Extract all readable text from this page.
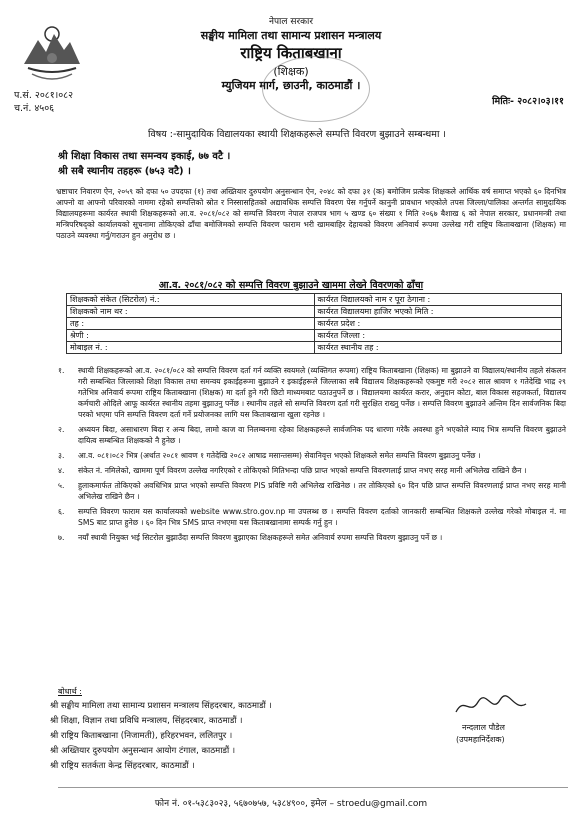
नेपाल सरकार
सङ्घीय मामिला तथा सामान्य प्रशासन मन्त्रालय
राष्ट्रिय किताबखाना
(शिक्षक)
म्युजियम मार्ग, छाउनी, काठमाडौं ।
प.सं. २०८१।०८२
च.नं. ४५०६
मितिः- २०८२।०३।११
विषय :-सामुदायिक विद्यालयका स्थायी शिक्षकहरूले सम्पत्ति विवरण बुझाउने सम्बन्धमा ।
श्री शिक्षा विकास तथा समन्वय इकाई, ७७ वटै ।
श्री सबै स्थानीय तहहरू (७५३ वटै) ।
भ्रष्टाचार निवारण ऐन, २०५९ को दफा ५० उपदफा (१) तथा अख्तियार दुरुपयोग अनुसन्धान ऐन, २०४८ को दफा ३१ (क) बमोजिम प्रत्येक शिक्षकले आर्थिक वर्ष समाप्त भएको ६० दिनभित्र आफ्नो वा आफ्नो परिवारको नाममा रहेको सम्पत्तिको स्रोत र निस्सासहितको अद्यावधिक सम्पत्ति विवरण पेस गर्नुपर्ने कानुनी प्रावधान भएकोले तपस जिल्ला/पालिका अन्तर्गत सामुदायिक विद्यालयहरूमा कार्यरत स्थायी शिक्षकहरूको आ.व. २०८१/०८२ को सम्पत्ति विवरण नेपाल राजपत्र भाग ५ खण्ड ६० संख्या १ मिति २०६७ बैशाख ६ को नेपाल सरकार, प्रधानमन्त्री तथा मन्त्रिपरिषद्को कार्यालयको सूचनामा तोकिएको ढाँचा बमोजिमको सम्पत्ति विवरण फाराम भरी खामबाहिर देहायको विवरण अनिवार्य रूपमा उल्लेख गरी राष्ट्रिय किताबखाना (शिक्षक) मा पठाउने व्यवस्था गर्नु/गराउन हुन अनुरोध छ ।
आ.व. २०८१/०८२ को सम्पत्ति विवरण बुझाउने खाममा लेख्ने विवरणको ढाँचा
शिक्षकको संकेत (सिटरोल) नं.:	कार्यरत विद्यालयको नाम र पूरा ठेगाना :
शिक्षकको नाम थर :	कार्यरत विद्यालयमा हाजिर भएको मिति :
तह :	कार्यरत प्रदेश :
श्रेणी :	कार्यरत जिल्ला :
मोबाइल नं. :	कार्यरत स्थानीय तह :
१. स्थायी शिक्षकहरूको आ.व. २०८१/०८२ को सम्पत्ति विवरण दर्ता गर्न व्यक्ति स्वयमले (व्यक्तिगत रूपमा) राष्ट्रिय किताबखाना (शिक्षक) मा बुझाउने वा विद्यालय/स्थानीय तहले संकलन गरी सम्बन्धित जिल्लाको शिक्षा विकास तथा समन्वय इकाईहरूमा बुझाउने र इकाईहरूले जिल्लाका सबै विद्यालय शिक्षकहरूको एकमुष्ट गरी २०८२ साल श्रावण १ गतेदेखि भाद्र २९ गतेभित्र अनिवार्य रूपमा राष्ट्रिय किताबखाना (शिक्षक) मा दर्ता हुने गरी छिटो माध्यमबाट पठाउनुपर्ने छ । विद्यालयमा कार्यरत करार, अनुदान कोटा, बाल विकास सहजकर्ता, विद्यालय कर्मचारी ओदिले आफू कार्यरत स्थानीय तहमा बुझाउनु पर्नेछ । स्थानीय तहले सो सम्पत्ति विवरण दर्ता गरी सुरक्षित राख्नु पर्नेछ । सम्पत्ति विवरण बुझाउने अन्तिम दिन सार्वजनिक बिदा परको भएमा पनि सम्पत्ति विवरण दर्ता गर्ने प्रयोजनका लागि यस किताबखाना खुला रहनेछ ।
२. अध्ययन बिदा, असाधारण बिदा र अन्य बिदा, लामो काज वा निलम्बनमा रहेका शिक्षकहरूले सार्वजनिक पद धारणा गरेकै अवस्था हुने भएकोले म्याद भित्र सम्पत्ति विवरण बुझाउने दायित्व सम्बन्धित शिक्षकको नै हुनेछ ।
३. आ.व. ०८१।०८२ भित्र (अर्थात २०८१ श्रावण १ गतेदेखि २०८२ आषाढ मसान्तसम्म) सेवानिवृत्त भएको शिक्षकले समेत सम्पत्ति विवरण बुझाउनु पर्नेछ ।
४. संकेत नं. नमिलेको, खाममा पूर्ण विवरण उल्लेख नगरिएको र तोकिएको मितिभन्दा पछि प्राप्त भएको सम्पत्ति विवरणलाई प्राप्त नभए सरह मानी अभिलेख राखिने छैन ।
५. हुलाकमार्फत तोकिएको अवधिभित्र प्राप्त भएको सम्पत्ति विवरण PIS प्रविष्टि गरी अभिलेख राखिनेछ । तर तोकिएको ६० दिन पछि प्राप्त सम्पत्ति विवरणलाई प्राप्त नभए सरह मानी अभिलेख राखिने छैन ।
६. सम्पत्ति विवरण फाराम यस कार्यालयको website www.stro.gov.np मा उपलब्ध छ । सम्पत्ति विवरण दर्ताको जानकारी सम्बन्धित शिक्षकले उल्लेख गरेको मोबाइल नं. मा SMS बाट प्राप्त हुनेछ । ६० दिन भित्र SMS प्राप्त नभएमा यस किताबखानामा सम्पर्क गर्नु हुन ।
७. नयाँ स्थायी नियुक्त भई सिटरोल बुझाउँदा सम्पत्ति विवरण बुझाएका शिक्षकहरूले समेत अनिवार्य रुपमा सम्पत्ति विवरण बुझाउनु पर्ने छ ।
बोधार्थ :
श्री सङ्घीय मामिला तथा सामान्य प्रशासन मन्त्रालय सिंहदरबार, काठमाडौं ।
श्री शिक्षा, विज्ञान तथा प्रविधि मन्त्रालय, सिंहदरबार, काठमाडौं ।
श्री राष्ट्रिय किताबखाना (निजामती), हरिहरभवन, ललितपुर ।
श्री अख्तियार दुरुपयोग अनुसन्धान आयोग टंगाल, काठमाडौं ।
श्री राष्ट्रिय सतर्कता केन्द्र सिंहदरबार, काठमाडौं ।
नन्दलाल पौडेल
(उपमहानिर्देशक)
फोन नं. ०१-५३८३०२३, ५६७०७५७, ५३८४९००, इमेल – stroedu@gmail.com
